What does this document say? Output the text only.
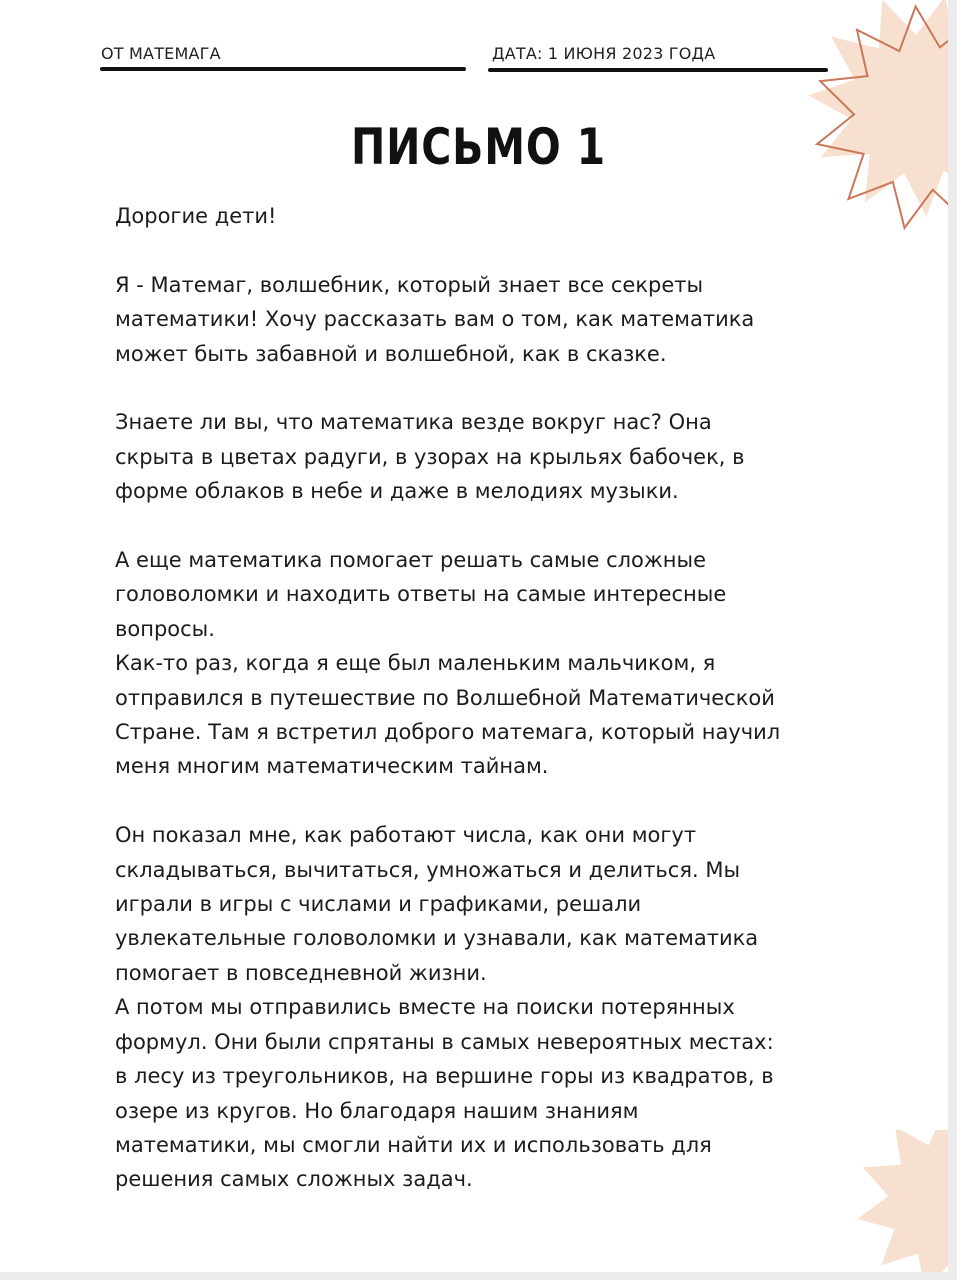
ОТ МАТЕМАГА	ДАТА: 1 ИЮНЯ 2023 ГОДА
ПИСЬМО 1

Дорогие дети!

Я - Матемаг, волшебник, который знает все секреты

математики! Хочу рассказать вам о том, как математика

может быть забавной и волшебной, как в сказке.

Знаете ли вы, что математика везде вокруг нас? Она

скрыта в цветах радуги, в узорах на крыльях бабочек, в

форме облаков в небе и даже в мелодиях музыки.

А еще математика помогает решать самые сложные

головоломки и находить ответы на самые интересные

вопросы.

Как-то раз, когда я еще был маленьким мальчиком, я

отправился в путешествие по Волшебной Математической

Стране. Там я встретил доброго матемага, который научил

меня многим математическим тайнам.

Он показал мне, как работают числа, как они могут

складываться, вычитаться, умножаться и делиться. Мы

играли в игры с числами и графиками, решали

увлекательные головоломки и узнавали, как математика

помогает в повседневной жизни.

А потом мы отправились вместе на поиски потерянных

формул. Они были спрятаны в самых невероятных местах:

в лесу из треугольников, на вершине горы из квадратов, в

озере из кругов. Но благодаря нашим знаниям

математики, мы смогли найти их и использовать для

решения самых сложных задач.
